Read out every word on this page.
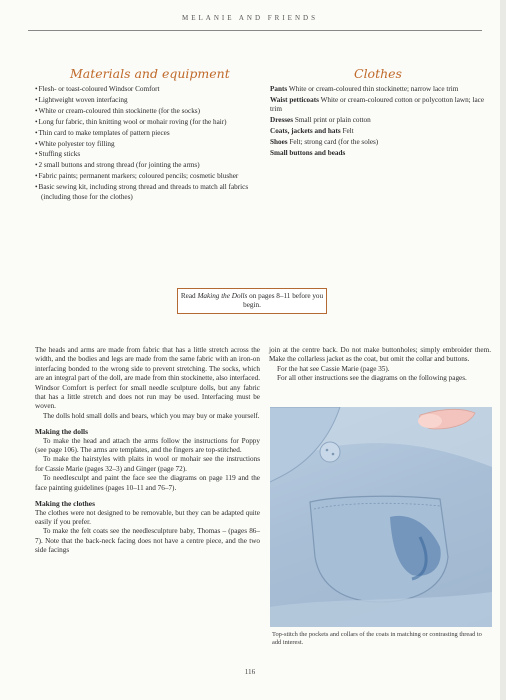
MELANIE AND FRIENDS
Materials and equipment	Clothes
• Flesh- or toast-coloured Windsor Comfort
• Lightweight woven interfacing
• White or cream-coloured thin stockinette (for the socks)
• Long fur fabric, thin knitting wool or mohair roving (for the hair)
• Thin card to make templates of pattern pieces
• White polyester toy filling
• Stuffing sticks
• 2 small buttons and strong thread (for jointing the arms)
• Fabric paints; permanent markers; coloured pencils; cosmetic blusher
• Basic sewing kit, including strong thread and threads to match all fabrics (including those for the clothes)

Pants White or cream-coloured thin stockinette; narrow lace trim

Waist petticoats White or cream-coloured cotton or polycotton lawn; lace trim

Dresses Small print or plain cotton

Coats, jackets and hats Felt

Shoes Felt; strong card (for the soles)

Small buttons and beads

Read Making the Dolls on pages 8–11 before you begin.

The heads and arms are made from fabric that has a little stretch across the width, and the bodies and legs are made from the same fabric with an iron-on interfacing bonded to the wrong side to prevent stretching. The socks, which are an integral part of the doll, are made from thin stockinette, also interfaced. Windsor Comfort is perfect for small needle sculpture dolls, but any fabric that has a little stretch and does not run may be used. Interfacing must be woven.

The dolls hold small dolls and bears, which you may buy or make yourself.

Making the dolls

To make the head and attach the arms follow the instructions for Poppy (see page 106). The arms are templates, and the fingers are top-stitched.

To make the hairstyles with plaits in wool or mohair see the instructions for Cassie Marie (pages 32–3) and Ginger (page 72).

To needlesculpt and paint the face see the diagrams on page 119 and the face painting guidelines (pages 10–11 and 76–7).

Making the clothes

The clothes were not designed to be removable, but they can be adapted quite easily if you prefer.

To make the felt coats see the needlesculpture baby, Thomas – (pages 86–7). Note that the back-neck facing does not have a centre piece, and the two side facings

join at the centre back. Do not make buttonholes; simply embroider them. Make the collarless jacket as the coat, but omit the collar and buttons.

For the hat see Cassie Marie (page 35).

For all other instructions see the diagrams on the following pages.

Top-stitch the pockets and collars of the coats in matching or contrasting thread to add interest.
116
